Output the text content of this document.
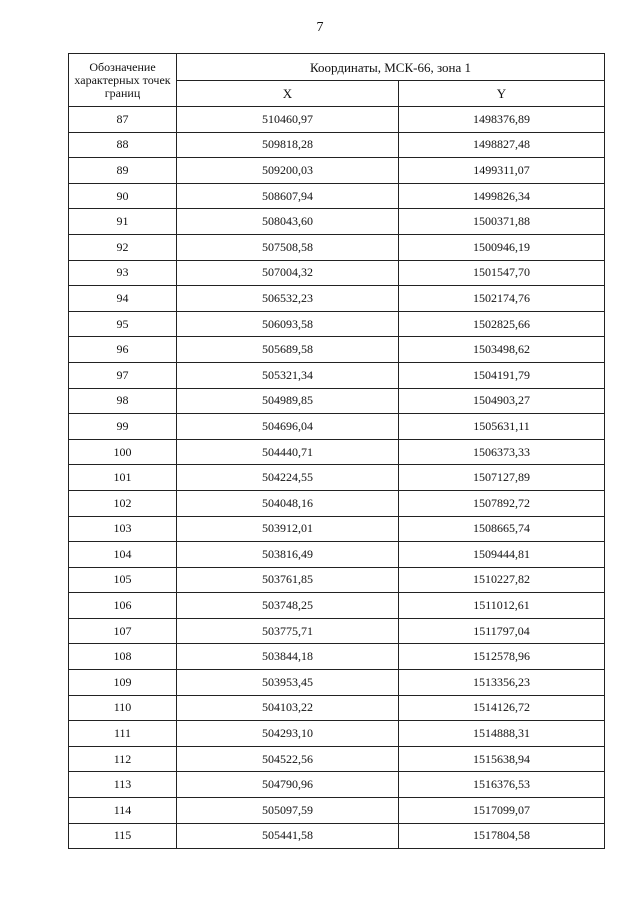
7
Обозначение характерных точек границ	Координаты, МСК-66, зона 1	
	X	Y
87	510460,97	1498376,89
88	509818,28	1498827,48
89	509200,03	1499311,07
90	508607,94	1499826,34
91	508043,60	1500371,88
92	507508,58	1500946,19
93	507004,32	1501547,70
94	506532,23	1502174,76
95	506093,58	1502825,66
96	505689,58	1503498,62
97	505321,34	1504191,79
98	504989,85	1504903,27
99	504696,04	1505631,11
100	504440,71	1506373,33
101	504224,55	1507127,89
102	504048,16	1507892,72
103	503912,01	1508665,74
104	503816,49	1509444,81
105	503761,85	1510227,82
106	503748,25	1511012,61
107	503775,71	1511797,04
108	503844,18	1512578,96
109	503953,45	1513356,23
110	504103,22	1514126,72
111	504293,10	1514888,31
112	504522,56	1515638,94
113	504790,96	1516376,53
114	505097,59	1517099,07
115	505441,58	1517804,58
